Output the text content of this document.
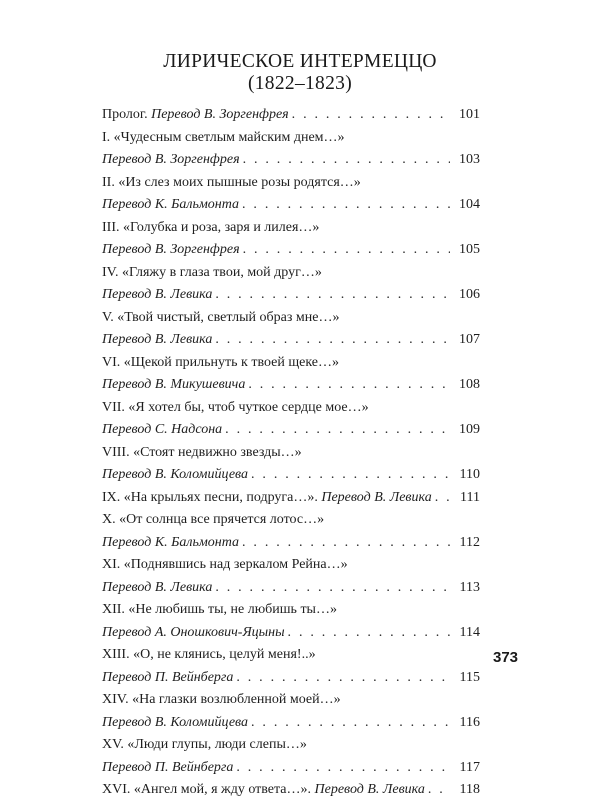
ЛИРИЧЕСКОЕ ИНТЕРМЕЦЦО
(1822–1823)
Пролог. Перевод В. Зоргенфрея . . .	101
I. «Чудесным светлым майским днем…»
Перевод В. Зоргенфрея . . .	103
II. «Из слез моих пышные розы родятся…»
Перевод К. Бальмонта . . .	104
III. «Голубка и роза, заря и лилея…»
Перевод В. Зоргенфрея . . .	105
IV. «Гляжу в глаза твои, мой друг…»
Перевод В. Левика . . .	106
V. «Твой чистый, светлый образ мне…»
Перевод В. Левика . . .	107
VI. «Щекой прильнуть к твоей щеке…»
Перевод В. Микушевича . . .	108
VII. «Я хотел бы, чтоб чуткое сердце мое…»
Перевод С. Надсона . . .	109
VIII. «Стоят недвижно звезды…»
Перевод В. Коломийцева . . .	110
IX. «На крыльях песни, подруга…». Перевод В. Левика . . .	111
X. «От солнца все прячется лотос…»
Перевод К. Бальмонта . . .	112
XI. «Поднявшись над зеркалом Рейна…»
Перевод В. Левика . . .	113
XII. «Не любишь ты, не любишь ты…»
Перевод А. Оношкович-Яцыны . . .	114
XIII. «О, не клянись, целуй меня!..»
Перевод П. Вейнберга . . .	115
XIV. «На глазки возлюбленной моей…»
Перевод В. Коломийцева . . .	116
XV. «Люди глупы, люди слепы…»
Перевод П. Вейнберга . . .	117
XVI. «Ангел мой, я жду ответа…». Перевод В. Левика . . .	118
373
